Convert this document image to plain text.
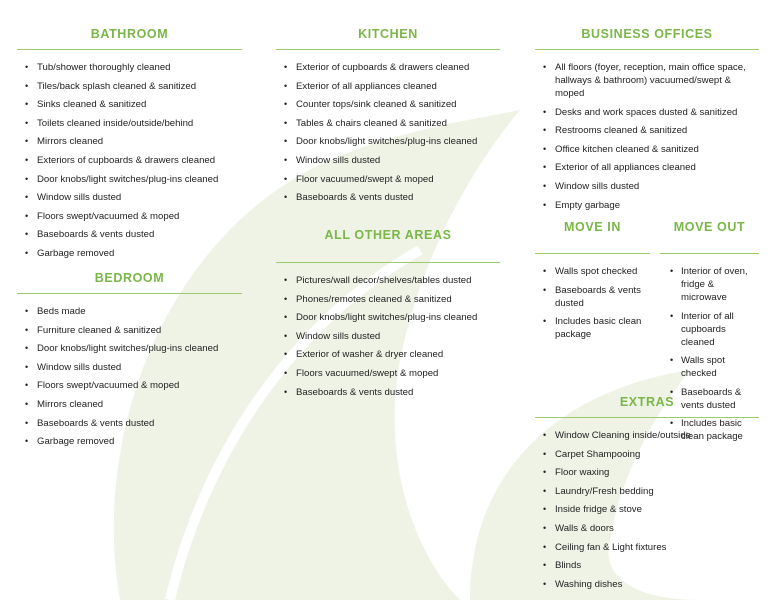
BATHROOM
• Tub/shower thoroughly cleaned
• Tiles/back splash cleaned & sanitized
• Sinks cleaned & sanitized
• Toilets cleaned inside/outside/behind
• Mirrors cleaned
• Exteriors of cupboards & drawers cleaned
• Door knobs/light switches/plug-ins cleaned
• Window sills dusted
• Floors swept/vacuumed & moped
• Baseboards & vents dusted
• Garbage removed
BEDROOM
• Beds made
• Furniture cleaned & sanitized
• Door knobs/light switches/plug-ins cleaned
• Window sills dusted
• Floors swept/vacuumed & moped
• Mirrors cleaned
• Baseboards & vents dusted
• Garbage removed
KITCHEN
• Exterior of cupboards & drawers cleaned
• Exterior of all appliances cleaned
• Counter tops/sink cleaned & sanitized
• Tables & chairs cleaned & sanitized
• Door knobs/light switches/plug-ins cleaned
• Window sills dusted
• Floor vacuumed/swept & moped
• Baseboards & vents dusted
ALL OTHER AREAS
• Pictures/wall decor/shelves/tables dusted
• Phones/remotes cleaned & sanitized
• Door knobs/light switches/plug-ins cleaned
• Window sills dusted
• Exterior of washer & dryer cleaned
• Floors vacuumed/swept & moped
• Baseboards & vents dusted
BUSINESS OFFICES
• All floors (foyer, reception, main office space, hallways & bathroom) vacuumed/swept & moped
• Desks and work spaces dusted & sanitized
• Restrooms cleaned & sanitized
• Office kitchen cleaned & sanitized
• Exterior of all appliances cleaned
• Window sills dusted
• Empty garbage
MOVE IN
• Walls spot checked
• Baseboards & vents dusted
• Includes basic clean package
MOVE OUT
• Interior of oven, fridge & microwave
• Interior of all cupboards cleaned
• Walls spot checked
• Baseboards & vents dusted
• Includes basic clean package
EXTRAS
• Window Cleaning inside/outside
• Carpet Shampooing
• Floor waxing
• Laundry/Fresh bedding
• Inside fridge & stove
• Walls & doors
• Ceiling fan & Light fixtures
• Blinds
• Washing dishes
